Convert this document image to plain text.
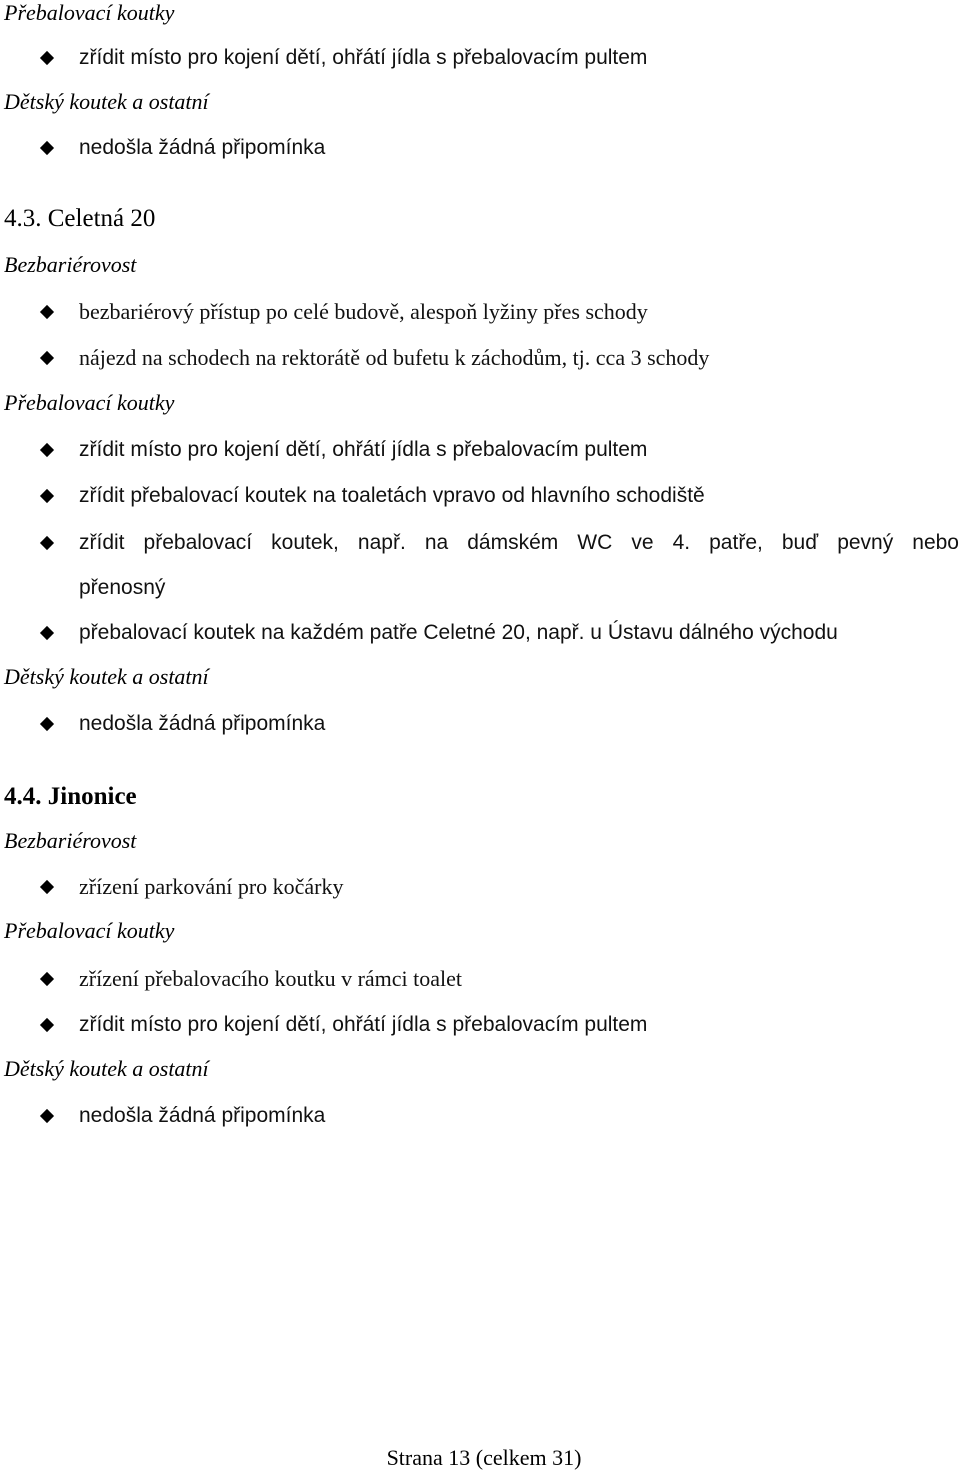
Přebalovací koutky
zřídit místo pro kojení dětí, ohřátí jídla s přebalovacím pultem
Dětský koutek a ostatní
nedošla žádná připomínka
4.3. Celetná 20
Bezbariérovost
bezbariérový přístup po celé budově, alespoň lyžiny přes schody
nájezd na schodech na rektorátě od bufetu k záchodům, tj. cca 3 schody
Přebalovací koutky
zřídit místo pro kojení dětí, ohřátí jídla s přebalovacím pultem
zřídit přebalovací koutek na toaletách vpravo od hlavního schodiště
zřídit přebalovací koutek, např. na dámském WC ve 4. patře, buď pevný nebo
přenosný
přebalovací koutek na každém patře Celetné 20, např. u Ústavu dálného východu
Dětský koutek a ostatní
nedošla žádná připomínka
4.4. Jinonice
Bezbariérovost
zřízení parkování pro kočárky
Přebalovací koutky
zřízení přebalovacího koutku v rámci toalet
zřídit místo pro kojení dětí, ohřátí jídla s přebalovacím pultem
Dětský koutek a ostatní
nedošla žádná připomínka
Strana 13 (celkem 31)
